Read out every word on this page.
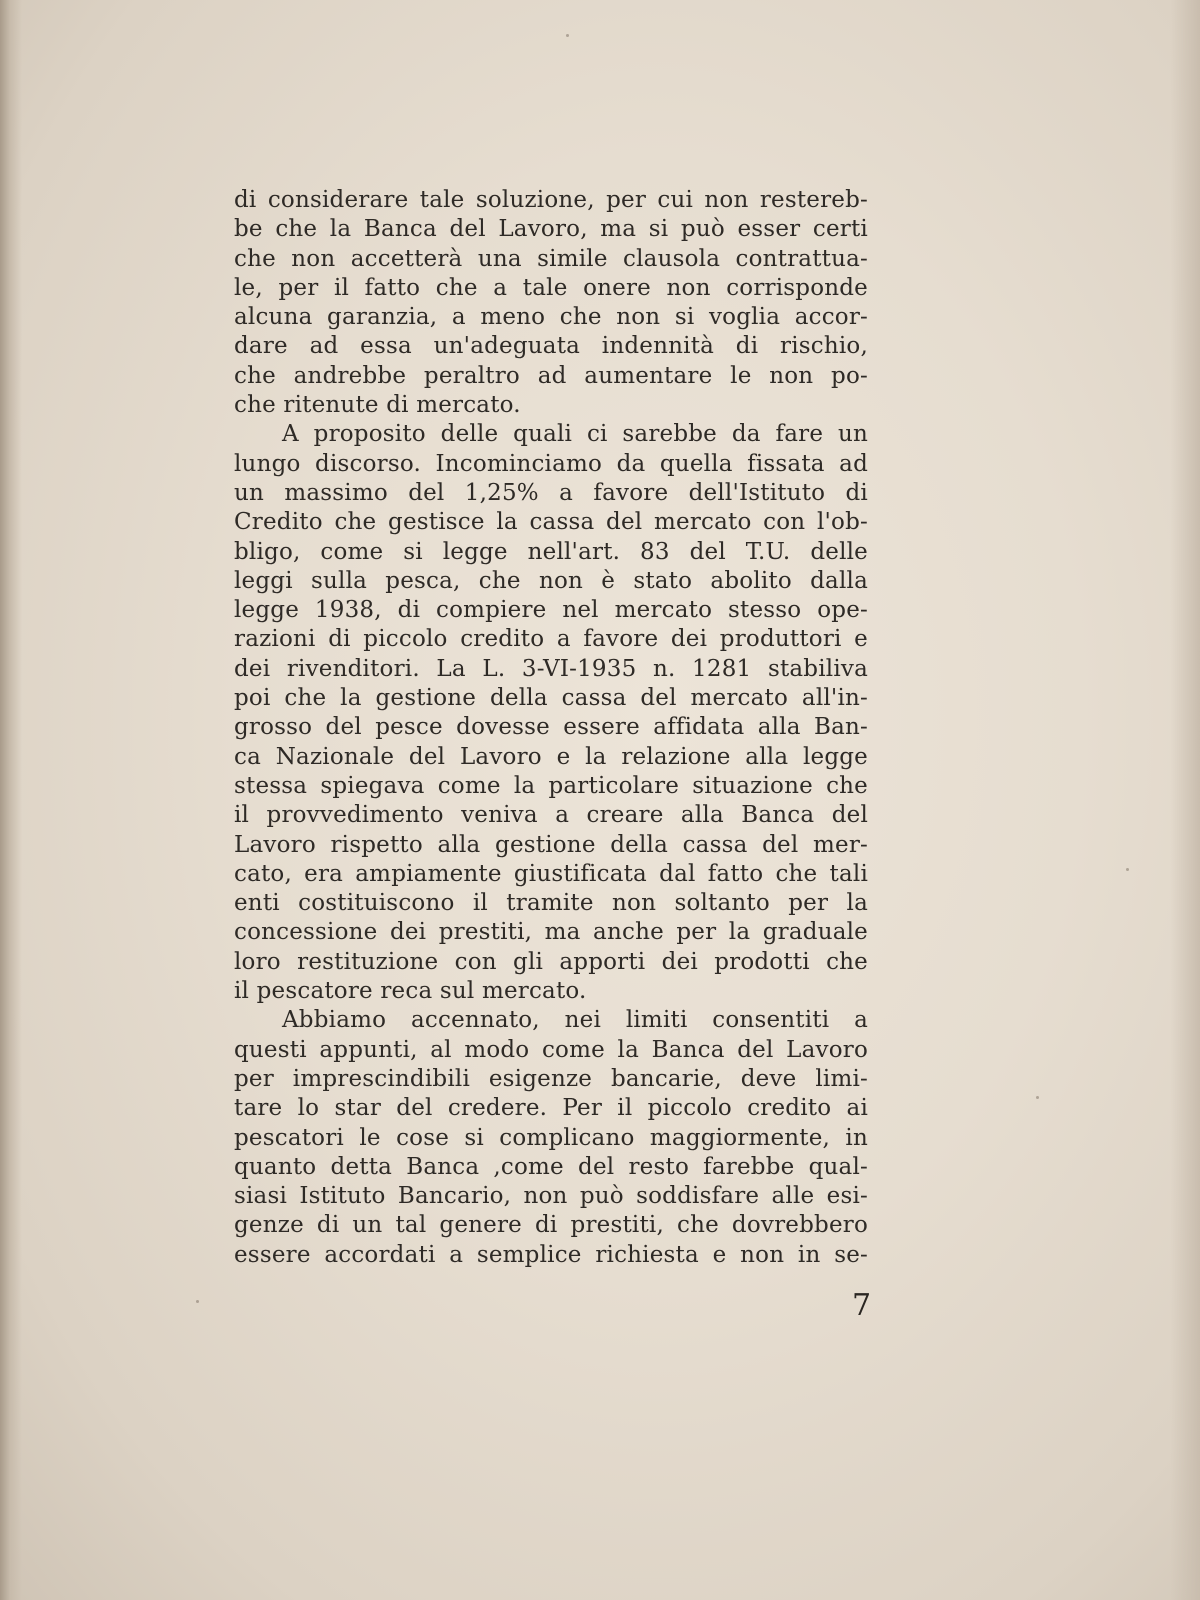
di considerare tale soluzione, per cui non restereb-
be che la Banca del Lavoro, ma si può esser certi
che non accetterà una simile clausola contrattua-
le, per il fatto che a tale onere non corrisponde
alcuna garanzia, a meno che non si voglia accor-
dare ad essa un'adeguata indennità di rischio,
che andrebbe peraltro ad aumentare le non po-
che ritenute di mercato.
A proposito delle quali ci sarebbe da fare un
lungo discorso. Incominciamo da quella fissata ad
un massimo del 1,25% a favore dell'Istituto di
Credito che gestisce la cassa del mercato con l'ob-
bligo, come si legge nell'art. 83 del T.U. delle
leggi sulla pesca, che non è stato abolito dalla
legge 1938, di compiere nel mercato stesso ope-
razioni di piccolo credito a favore dei produttori e
dei rivenditori. La L. 3-VI-1935 n. 1281 stabiliva
poi che la gestione della cassa del mercato all'in-
grosso del pesce dovesse essere affidata alla Ban-
ca Nazionale del Lavoro e la relazione alla legge
stessa spiegava come la particolare situazione che
il provvedimento veniva a creare alla Banca del
Lavoro rispetto alla gestione della cassa del mer-
cato, era ampiamente giustificata dal fatto che tali
enti costituiscono il tramite non soltanto per la
concessione dei prestiti, ma anche per la graduale
loro restituzione con gli apporti dei prodotti che
il pescatore reca sul mercato.
Abbiamo accennato, nei limiti consentiti a
questi appunti, al modo come la Banca del Lavoro
per imprescindibili esigenze bancarie, deve limi-
tare lo star del credere. Per il piccolo credito ai
pescatori le cose si complicano maggiormente, in
quanto detta Banca ,come del resto farebbe qual-
siasi Istituto Bancario, non può soddisfare alle esi-
genze di un tal genere di prestiti, che dovrebbero
essere accordati a semplice richiesta e non in se-
7
